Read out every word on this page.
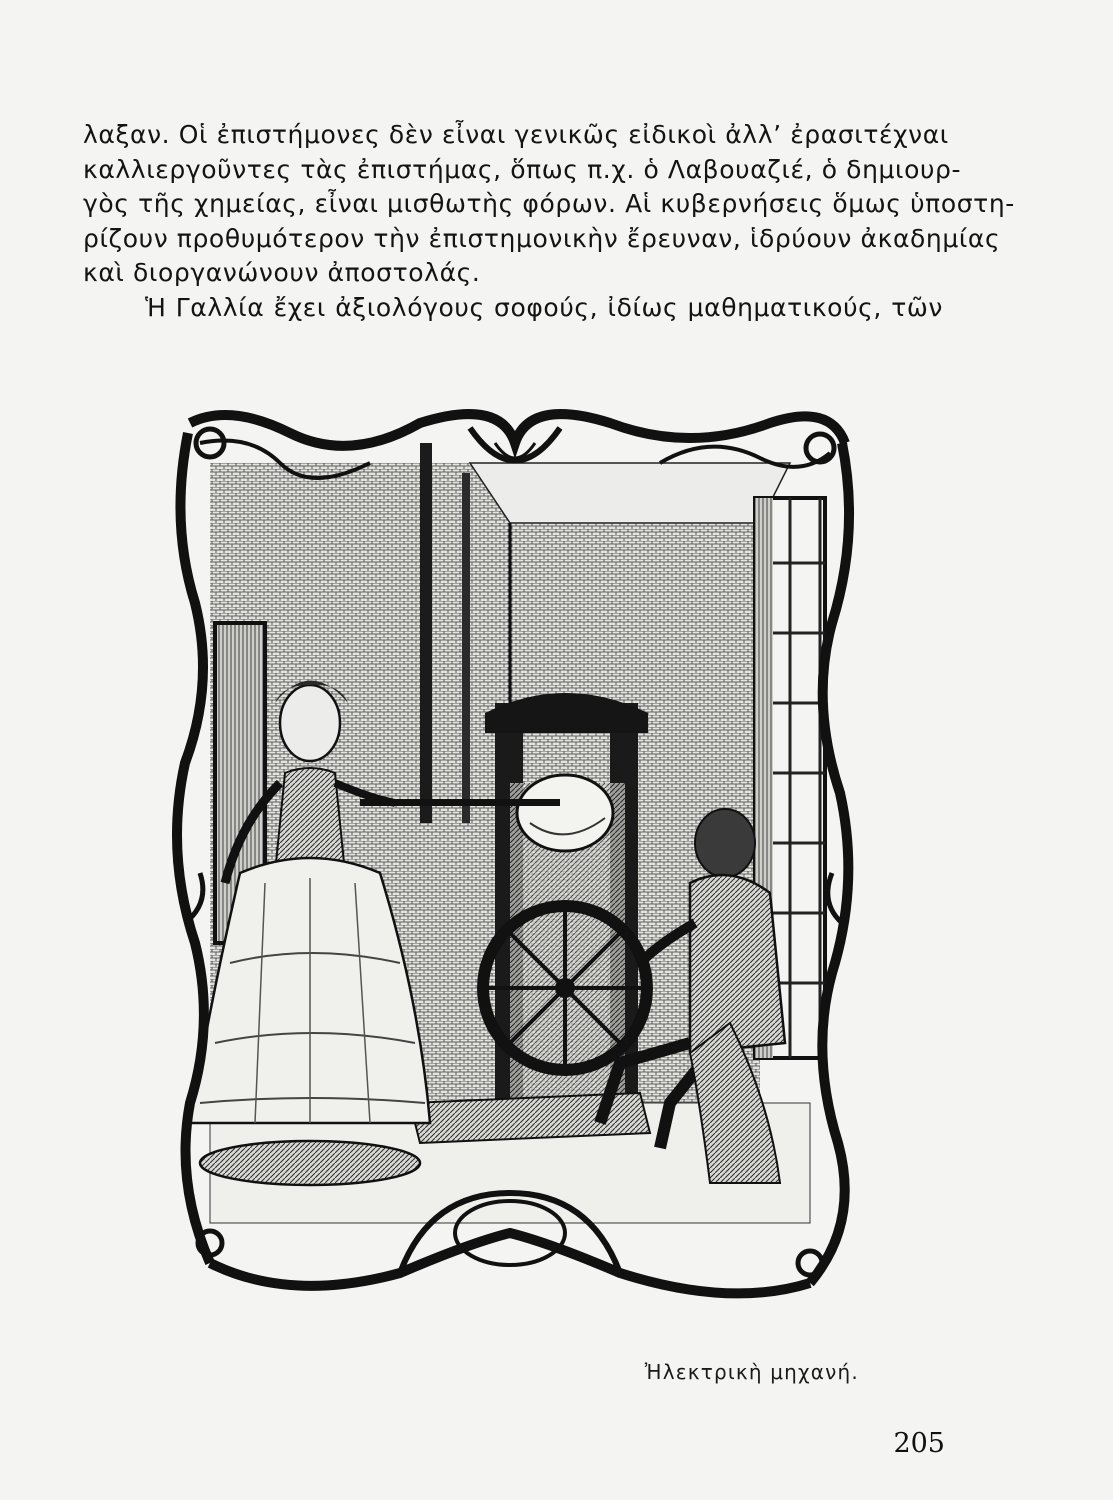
λαξαν. Οἱ ἐπιστήμονες δὲν εἶναι γενικῶς εἰδικοὶ ἀλλ’ ἐρασιτέχναι
καλλιεργοῦντες τὰς ἐπιστήμας, ὅπως π.χ. ὁ Λαβουαζιέ, ὁ δημιουρ-
γὸς τῆς χημείας, εἶναι μισθωτὴς φόρων. Αἱ κυβερνήσεις ὅμως ὑποστη-
ρίζουν προθυμότερον τὴν ἐπιστημονικὴν ἔρευναν, ἱδρύουν ἀκαδημίας
καὶ διοργανώνουν ἀποστολάς.
Ἡ Γαλλία ἔχει ἀξιολόγους σοφούς, ἰδίως μαθηματικούς, τῶν
Ἠλεκτρικὴ μηχανή.
205
